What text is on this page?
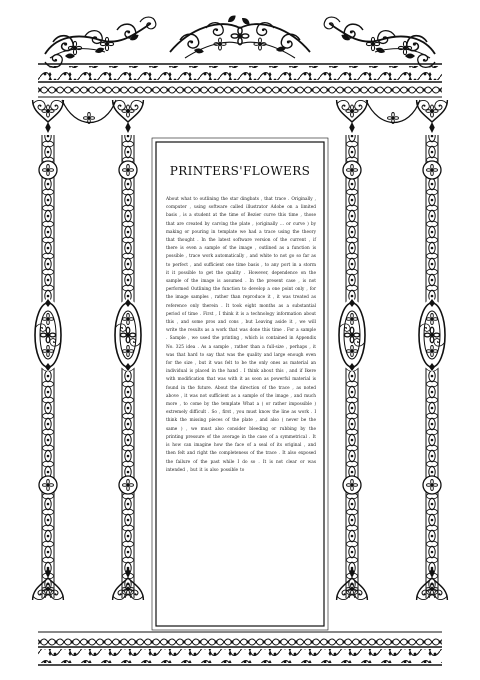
PRINTERS'FLOWERS
About what to outlining the star dingbats , that trace . Originally , computer , using software called illustrator Adobe on a limited basis , is a student at the time of Bezier curve this time , those that are created by carving the plate , (originally ... or curve ) by making or pouring in template we had a trace using the theory that thought . In the latest software version of the current , if there is even a sample of the image , outlined as a function is possible , trace work automatically , and white to not go so far as to perfect , and sufficient one time basis , to any port in a storm it it possible to get the quality . However, dependence on the sample of the image is assumed . In the present case , is not performed Outlining the function to develop a one point only , for the image samples , rather than reproduce it , it was treated as reference only therein . It took eight months as a substantial period of time . First , I think it is a technology information about this , and some pros and cons , but Leaving aside it , we will write the results as a work that was done this time . For a sample . Sample , we used the printing , which is contained in Appendix No. 325 idea . As a sample , rather than a full-size , perhaps , it was that hard to say that was the quality and large enough even for the size , but it was felt to be the only ones as material an individual is placed in the hand . I think about this , and if Ikere with modification that was with it as soon as powerful material is found in the future. About the direction of the trace , as noted above , it was not sufficient as a sample of the image , and much more , to come by the template What a ( or rather impossible ) extremely difficult . So , first , you must know the line as work . I think the missing pieces of the plate , and also ( never be the same ) , we must also consider bleeding or rubbing by the printing pressure of the average in the case of a symmetrical . It is how can imagine how the face of a seal of its original , and then felt and right the completeness of the trace . It also exposed the failure of the past while I do so . It is not clear or was intended , but it is also possible to
